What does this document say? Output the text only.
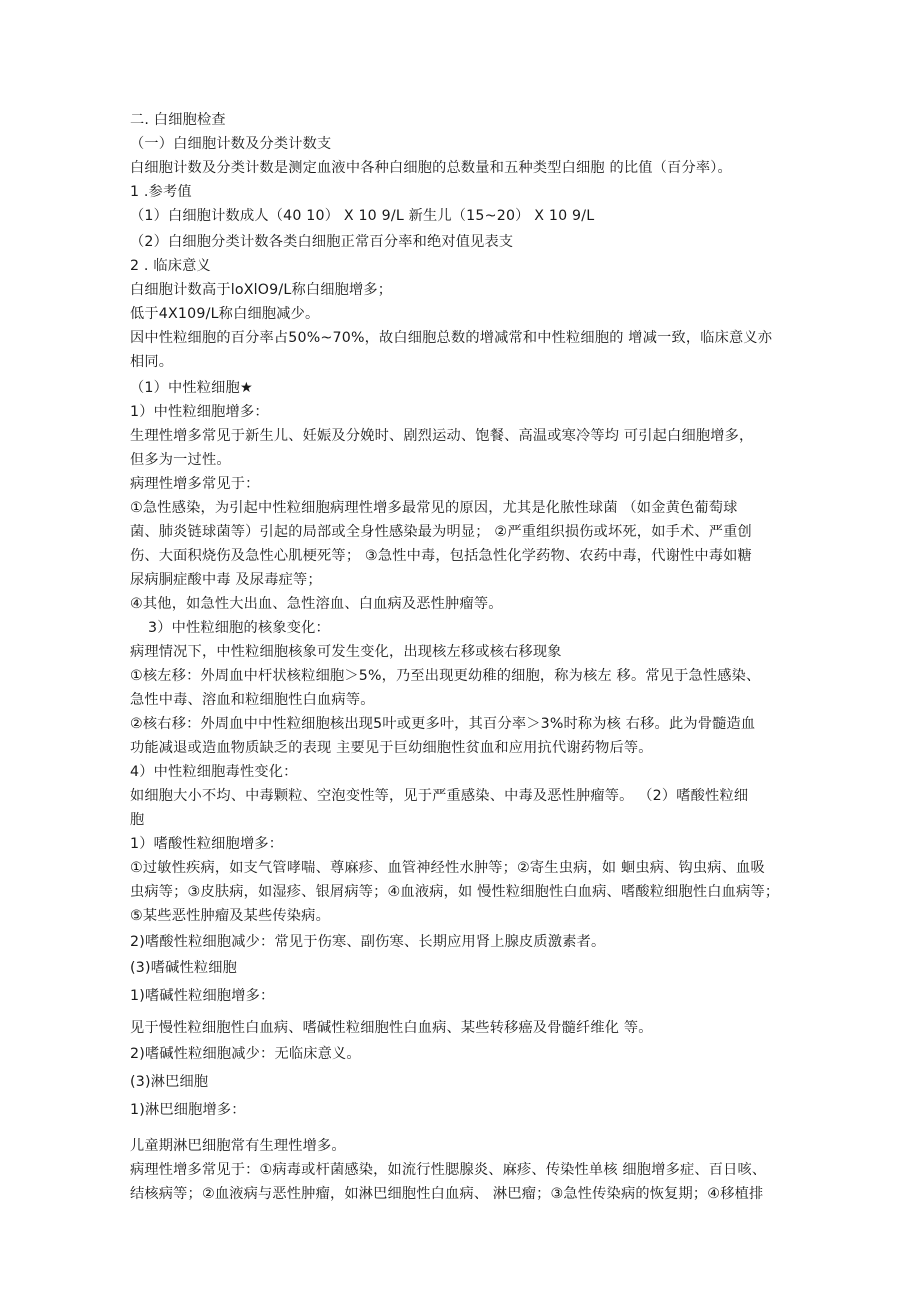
二. 白细胞检查
（一）白细胞计数及分类计数支
白细胞计数及分类计数是测定血液中各种白细胞的总数量和五种类型白细胞 的比值（百分率）。
1 .参考值
（1）白细胞计数成人（40 10） X 10 9/L 新生儿（15~20） X 10 9/L
（2）白细胞分类计数各类白细胞正常百分率和绝对值见表支
2 . 临床意义
白细胞计数高于loXlO9/L称白细胞增多；
低于4X109/L称白细胞减少。
因中性粒细胞的百分率占50%~70%，故白细胞总数的增减常和中性粒细胞的 增减一致，临床意义亦
相同。
（1）中性粒细胞★
1）中性粒细胞增多：
生理性增多常见于新生儿、妊娠及分娩时、剧烈运动、饱餐、高温或寒冷等均 可引起白细胞增多，
但多为一过性。
病理性增多常见于：
①急性感染，为引起中性粒细胞病理性增多最常见的原因，尤其是化脓性球菌 （如金黄色葡萄球
菌、肺炎链球菌等）引起的局部或全身性感染最为明显； ②严重组织损伤或坏死，如手术、严重创
伤、大面积烧伤及急性心肌梗死等； ③急性中毒，包括急性化学药物、农药中毒，代谢性中毒如糖
尿病胴症酸中毒 及尿毒症等；
④其他，如急性大出血、急性溶血、白血病及恶性肿瘤等。
3）中性粒细胞的核象变化：
病理情况下，中性粒细胞核象可发生变化，出现核左移或核右移现象
①核左移：外周血中杆状核粒细胞＞5%，乃至出现更幼稚的细胞，称为核左 移。常见于急性感染、
急性中毒、溶血和粒细胞性白血病等。
②核右移：外周血中中性粒细胞核出现5叶或更多叶，其百分率＞3%时称为核 右移。此为骨髓造血
功能减退或造血物质缺乏的表现 主要见于巨幼细胞性贫血和应用抗代谢药物后等。
4）中性粒细胞毒性变化：
如细胞大小不均、中毒颗粒、空泡变性等，见于严重感染、中毒及恶性肿瘤等。 （2）嗜酸性粒细
胞
1）嗜酸性粒细胞增多：
①过敏性疾病，如支气管哮喘、尊麻疹、血管神经性水肿等；②寄生虫病，如 蛔虫病、钩虫病、血吸
虫病等；③皮肤病，如湿疹、银屑病等；④血液病，如 慢性粒细胞性白血病、嗜酸粒细胞性白血病等；
⑤某些恶性肿瘤及某些传染病。
2)嗜酸性粒细胞减少：常见于伤寒、副伤寒、长期应用肾上腺皮质激素者。
(3)嗜碱性粒细胞
1)嗜碱性粒细胞增多：
见于慢性粒细胞性白血病、嗜碱性粒细胞性白血病、某些转移癌及骨髓纤维化 等。
2)嗜碱性粒细胞减少：无临床意义。
(3)淋巴细胞
1)淋巴细胞增多：
儿童期淋巴细胞常有生理性增多。
病理性增多常见于：①病毒或杆菌感染，如流行性腮腺炎、麻疹、传染性单核 细胞增多症、百日咳、
结核病等；②血液病与恶性肿瘤，如淋巴细胞性白血病、 淋巴瘤；③急性传染病的恢复期；④移植排
